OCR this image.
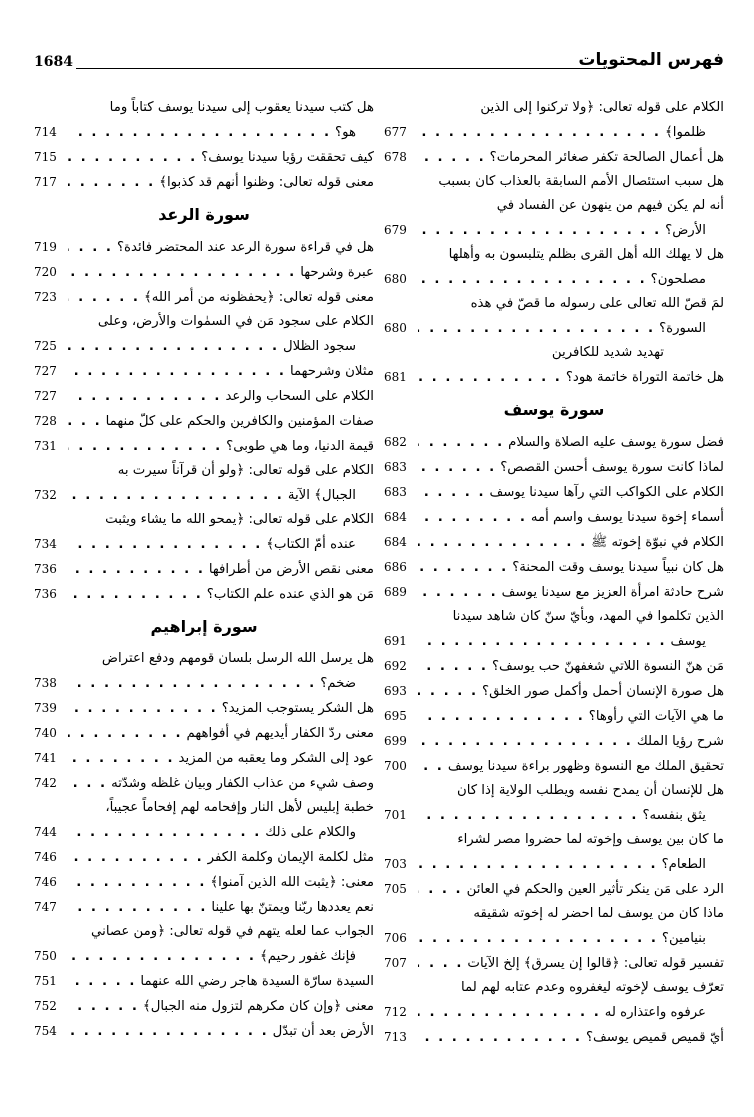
فهرس المحتويات
1684
الكلام على قوله تعالى: ﴿ولا تركنوا إلى الذين
ظلموا﴾
. . .
677
هل أعمال الصالحة تكفر صغائر المحرمات؟
. . .
678
هل سبب استئصال الأمم السابقة بالعذاب كان بسبب
أنه لم يكن فيهم من ينهون عن الفساد في
الأرض؟
. . .
679
هل لا يهلك الله أهل القرى بظلم يتلبسون به وأهلها
مصلحون؟
. . .
680
لمَ قصّ الله تعالى على رسوله ما قصّ في هذه
السورة؟
. . .
680
تهديد شديد للكافرين
هل خاتمة التوراة خاتمة هود؟
. . .
681
سورة يوسف
فضل سورة يوسف عليه الصلاة والسلام
. . .
682
لماذا كانت سورة يوسف أحسن القصص؟
. . .
683
الكلام على الكواكب التي رآها سيدنا يوسف
. . .
683
أسماء إخوة سيدنا يوسف واسم أمه
. . .
684
الكلام في نبوّة إخوته ﷺ
. . .
684
هل كان نبياً سيدنا يوسف وقت المحنة؟
. . .
686
شرح حادثة امرأة العزيز مع سيدنا يوسف
. . .
689
الذين تكلموا في المهد، وبأيّ سنّ كان شاهد سيدنا
يوسف
. . .
691
مَن هنّ النسوة اللاتي شغفهنّ حب يوسف؟
. . .
692
هل صورة الإنسان أحمل وأكمل صور الخلق؟
. . .
693
ما هي الآيات التي رأوها؟
. . .
695
شرح رؤيا الملك
. . .
699
تحقيق الملك مع النسوة وظهور براءة سيدنا يوسف
. . .
700
هل للإنسان أن يمدح نفسه ويطلب الولاية إذا كان
يثق بنفسه؟
. . .
701
ما كان بين يوسف وإخوته لما حضروا مصر لشراء
الطعام؟
. . .
703
الرد على مَن ينكر تأثير العين والحكم في العائن
. . .
705
ماذا كان من يوسف لما احضر له إخوته شقيقه
بنيامين؟
. . .
706
تفسير قوله تعالى: ﴿قالوا إن يسرق﴾ إلخ الآيات
. . .
707
تعرّف يوسف لإخوته ليغفروه وعدم عتابه لهم لما
عرفوه واعتذاره له
. . .
712
أيّ قميص قميص يوسف؟
. . .
713
هل كتب سيدنا يعقوب إلى سيدنا يوسف كتاباً وما
هو؟
. . .
714
كيف تحققت رؤيا سيدنا يوسف؟
. . .
715
معنى قوله تعالى: وظنوا أنهم قد كذبوا﴾
. . .
717
سورة الرعد
هل في قراءة سورة الرعد عند المحتضر فائدة؟
. . .
719
عبرة وشرحها
. . .
720
معنى قوله تعالى: ﴿يحفظونه من أمر الله﴾
. . .
723
الكلام على سجود مَن في السمٰوات والأرض، وعلى
سجود الظلال
. . .
725
مثلان وشرحهما
. . .
727
الكلام على السحاب والرعد
. . .
727
صفات المؤمنين والكافرين والحكم على كلّ منهما
. . .
728
قيمة الدنيا، وما هي طوبى؟
. . .
731
الكلام على قوله تعالى: ﴿ولو أن قرآناً سيرت به
الجبال﴾ الآية
. . .
732
الكلام على قوله تعالى: ﴿يمحو الله ما يشاء ويثبت
عنده أمّ الكتاب﴾
. . .
734
معنى نقص الأرض من أطرافها
. . .
736
مَن هو الذي عنده علم الكتاب؟
. . .
736
سورة إبراهيم
هل يرسل الله الرسل بلسان قومهم ودفع اعتراض
ضخم؟
. . .
738
هل الشكر يستوجب المزيد؟
. . .
739
معنى ردّ الكفار أيديهم في أفواههم
. . .
740
عود إلى الشكر وما يعقبه من المزيد
. . .
741
وصف شيء من عذاب الكفار وبيان غلظه وشدّته
. . .
742
خطبة إبليس لأهل النار وإفحامه لهم إفحاماً عجيباً،
والكلام على ذلك
. . .
744
مثل لكلمة الإيمان وكلمة الكفر
. . .
746
معنى: ﴿يثبت الله الذين آمنوا﴾
. . .
746
نعم يعددها ربّنا ويمتنّ بها علينا
. . .
747
الجواب عما لعله يتهم في قوله تعالى: ﴿ومن عصاني
فإنك غفور رحيم﴾
. . .
750
السيدة سارّة السيدة هاجر رضي الله عنهما
. . .
751
معنى ﴿وإن كان مكرهم لتزول منه الجبال﴾
. . .
752
الأرض بعد أن تبدّل
. . .
754
